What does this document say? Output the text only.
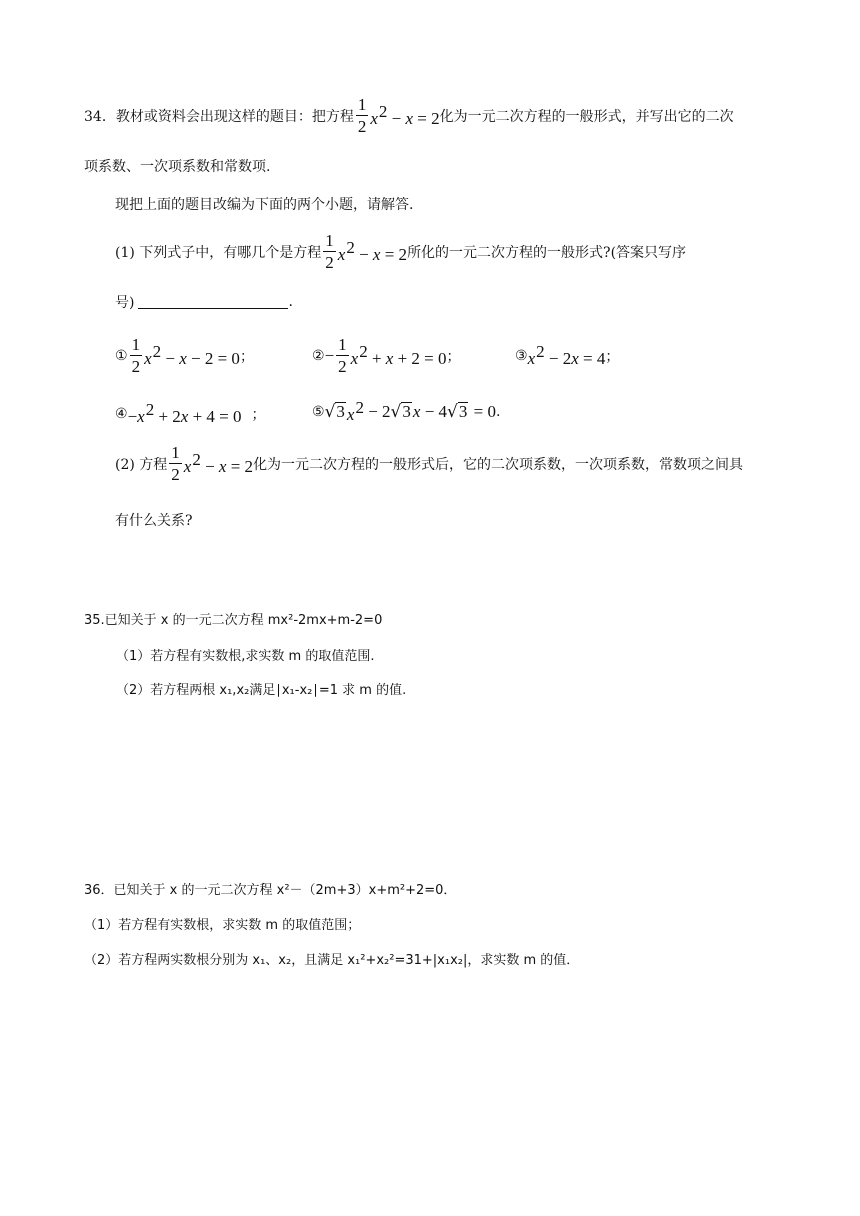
34．教材或资料会出现这样的题目：把方程 $\frac{1}{2} x^2 - x = 2$ 化为一元二次方程的一般形式，并写出它的二次
项系数、一次项系数和常数项.
现把上面的题目改编为下面的两个小题，请解答.
(1) 下列式子中，有哪几个是方程 $\frac{1}{2} x^2 - x = 2$ 所化的一元二次方程的一般形式?(答案只写序
号)	.
① $\frac{1}{2} x^2 - x - 2 = 0$ ；	② − $\frac{1}{2} x^2 + x + 2 = 0$ ；	③ $x^2 - 2x = 4$ ；
④ $-x^2 + 2x + 4 = 0$ ；	⑤ √ 3 $x^2 - 2$ √ 3 x − 4 √ 3 = 0 .
(2) 方程 $\frac{1}{2} x^2 - x = 2$ 化为一元二次方程的一般形式后，它的二次项系数，一次项系数，常数项之间具
有什么关系?
35.已知关于 x 的一元二次方程 mx²-2mx+m-2=0
（1）若方程有实数根,求实数 m 的取值范围.
（2）若方程两根 x₁,x₂满足∣x₁-x₂∣=1 求 m 的值.
36．已知关于 x 的一元二次方程 x²－（2m+3）x+m²+2=0．
（1）若方程有实数根，求实数 m 的取值范围；
（2）若方程两实数根分别为 x₁、x₂，且满足 x₁²+x₂²=31+|x₁x₂|，求实数 m 的值．
